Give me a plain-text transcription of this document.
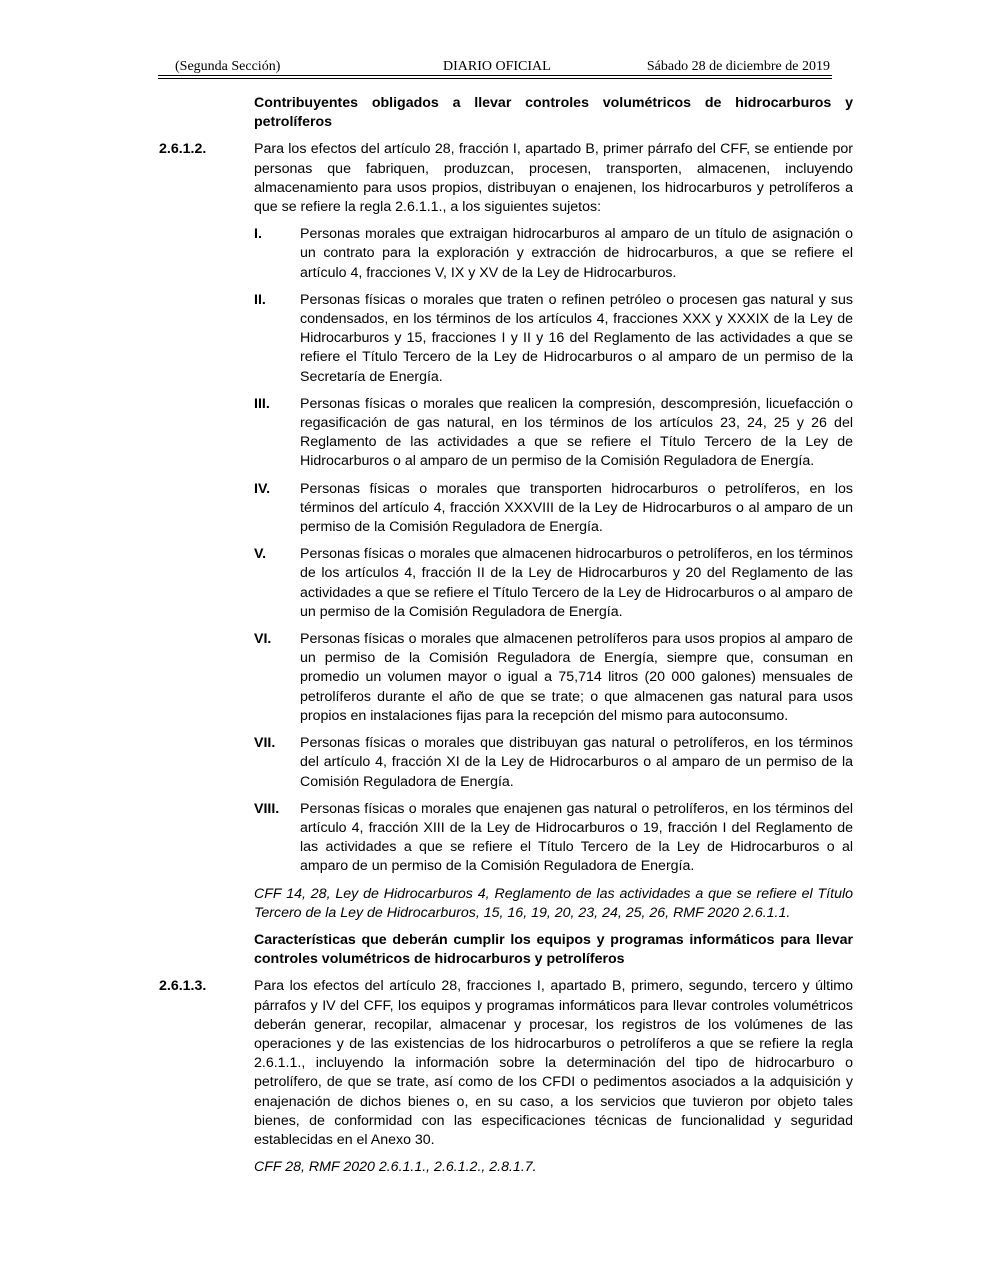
(Segunda Sección)	DIARIO OFICIAL	Sábado 28 de diciembre de 2019
Contribuyentes obligados a llevar controles volumétricos de hidrocarburos y petrolíferos
2.6.1.2.	Para los efectos del artículo 28, fracción I, apartado B, primer párrafo del CFF, se entiende por personas que fabriquen, produzcan, procesen, transporten, almacenen, incluyendo almacenamiento para usos propios, distribuyan o enajenen, los hidrocarburos y petrolíferos a que se refiere la regla 2.6.1.1., a los siguientes sujetos:
I.	Personas morales que extraigan hidrocarburos al amparo de un título de asignación o un contrato para la exploración y extracción de hidrocarburos, a que se refiere el artículo 4, fracciones V, IX y XV de la Ley de Hidrocarburos.
II. Personas físicas o morales que traten o refinen petróleo o procesen gas natural y sus condensados, en los términos de los artículos 4, fracciones XXX y XXXIX de la Ley de Hidrocarburos y 15, fracciones I y II y 16 del Reglamento de las actividades a que se refiere el Título Tercero de la Ley de Hidrocarburos o al amparo de un permiso de la Secretaría de Energía.
III. Personas físicas o morales que realicen la compresión, descompresión, licuefacción o regasificación de gas natural, en los términos de los artículos 23, 24, 25 y 26 del Reglamento de las actividades a que se refiere el Título Tercero de la Ley de Hidrocarburos o al amparo de un permiso de la Comisión Reguladora de Energía.
IV. Personas físicas o morales que transporten hidrocarburos o petrolíferos, en los términos del artículo 4, fracción XXXVIII de la Ley de Hidrocarburos o al amparo de un permiso de la Comisión Reguladora de Energía.
V. Personas físicas o morales que almacenen hidrocarburos o petrolíferos, en los términos de los artículos 4, fracción II de la Ley de Hidrocarburos y 20 del Reglamento de las actividades a que se refiere el Título Tercero de la Ley de Hidrocarburos o al amparo de un permiso de la Comisión Reguladora de Energía.
VI. Personas físicas o morales que almacenen petrolíferos para usos propios al amparo de un permiso de la Comisión Reguladora de Energía, siempre que, consuman en promedio un volumen mayor o igual a 75,714 litros (20 000 galones) mensuales de petrolíferos durante el año de que se trate; o que almacenen gas natural para usos propios en instalaciones fijas para la recepción del mismo para autoconsumo.
VII. Personas físicas o morales que distribuyan gas natural o petrolíferos, en los términos del artículo 4, fracción XI de la Ley de Hidrocarburos o al amparo de un permiso de la Comisión Reguladora de Energía.
VIII. Personas físicas o morales que enajenen gas natural o petrolíferos, en los términos del artículo 4, fracción XIII de la Ley de Hidrocarburos o 19, fracción I del Reglamento de las actividades a que se refiere el Título Tercero de la Ley de Hidrocarburos o al amparo de un permiso de la Comisión Reguladora de Energía.
CFF 14, 28, Ley de Hidrocarburos 4, Reglamento de las actividades a que se refiere el Título Tercero de la Ley de Hidrocarburos, 15, 16, 19, 20, 23, 24, 25, 26, RMF 2020 2.6.1.1.
Características que deberán cumplir los equipos y programas informáticos para llevar controles volumétricos de hidrocarburos y petrolíferos
2.6.1.3.	Para los efectos del artículo 28, fracciones I, apartado B, primero, segundo, tercero y último párrafos y IV del CFF, los equipos y programas informáticos para llevar controles volumétricos deberán generar, recopilar, almacenar y procesar, los registros de los volúmenes de las operaciones y de las existencias de los hidrocarburos o petrolíferos a que se refiere la regla 2.6.1.1., incluyendo la información sobre la determinación del tipo de hidrocarburo o petrolífero, de que se trate, así como de los CFDI o pedimentos asociados a la adquisición y enajenación de dichos bienes o, en su caso, a los servicios que tuvieron por objeto tales bienes, de conformidad con las especificaciones técnicas de funcionalidad y seguridad establecidas en el Anexo 30.
CFF 28, RMF 2020 2.6.1.1., 2.6.1.2., 2.8.1.7.
